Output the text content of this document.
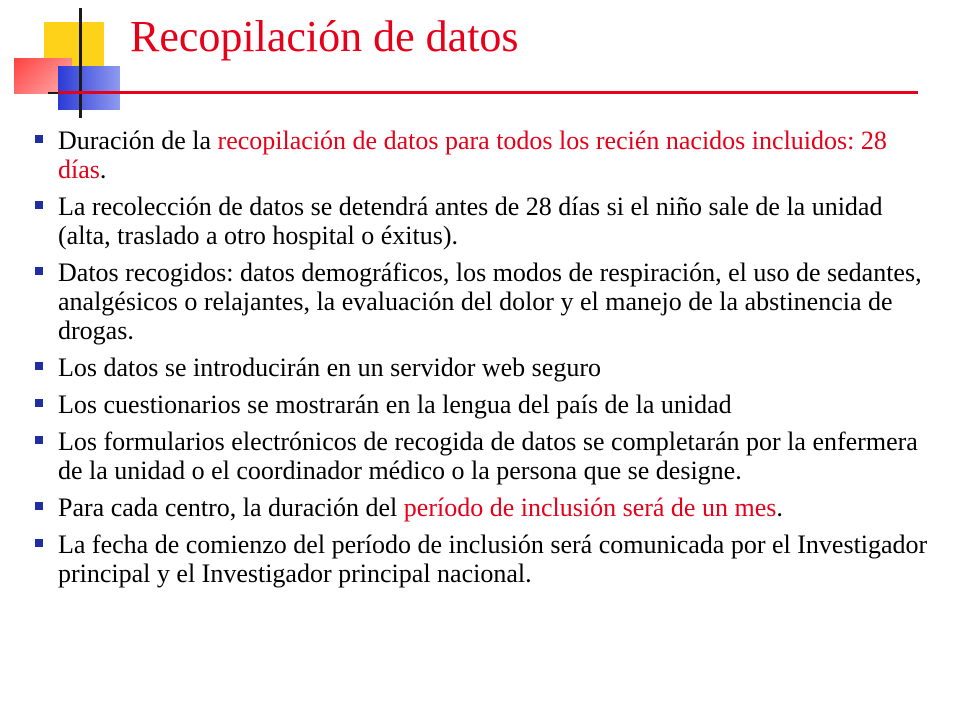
Recopilación de datos
Duración de la recopilación de datos para todos los recién nacidos incluidos: 28 días.
La recolección de datos se detendrá antes de 28 días si el niño sale de la unidad (alta, traslado a otro hospital o éxitus).
Datos recogidos: datos demográficos, los modos de respiración, el uso de sedantes, analgésicos o relajantes, la evaluación del dolor y el manejo de la abstinencia de drogas.
Los datos se introducirán en un servidor web seguro
Los cuestionarios se mostrarán en la lengua del país de la unidad
Los formularios electrónicos de recogida de datos se completarán por la enfermera de la unidad o el coordinador médico o la persona que se designe.
Para cada centro, la duración del período de inclusión será de un mes.
La fecha de comienzo del período de inclusión será comunicada por el Investigador principal y el Investigador principal nacional.
